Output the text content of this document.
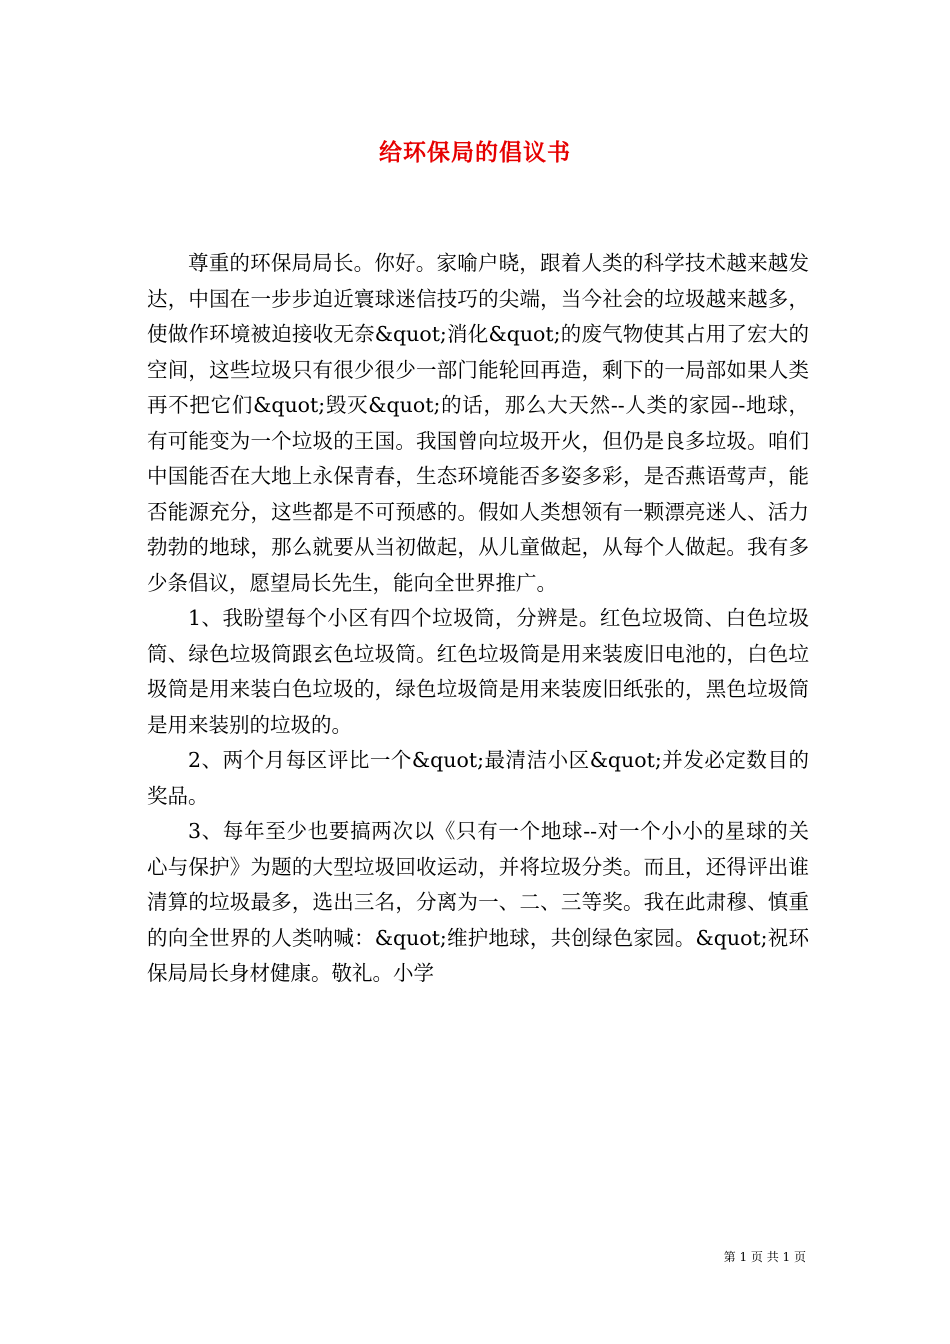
给环保局的倡议书

尊重的环保局局长。你好。家喻户晓，跟着人类的科学技术越来越发达，中国在一步步迫近寰球迷信技巧的尖端，当今社会的垃圾越来越多，使做作环境被迫接收无奈&quot;消化&quot;的废气物使其占用了宏大的空间，这些垃圾只有很少很少一部门能轮回再造，剩下的一局部如果人类再不把它们&quot;毁灭&quot;的话，那么大天然--人类的家园--地球，有可能变为一个垃圾的王国。我国曾向垃圾开火，但仍是良多垃圾。咱们中国能否在大地上永保青春，生态环境能否多姿多彩，是否燕语莺声，能否能源充分，这些都是不可预感的。假如人类想领有一颗漂亮迷人、活力勃勃的地球，那么就要从当初做起，从儿童做起，从每个人做起。我有多少条倡议，愿望局长先生，能向全世界推广。

1、我盼望每个小区有四个垃圾筒，分辨是。红色垃圾筒、白色垃圾筒、绿色垃圾筒跟玄色垃圾筒。红色垃圾筒是用来装废旧电池的，白色垃圾筒是用来装白色垃圾的，绿色垃圾筒是用来装废旧纸张的，黑色垃圾筒是用来装别的垃圾的。

2、两个月每区评比一个&quot;最清洁小区&quot;并发必定数目的奖品。

3、每年至少也要搞两次以《只有一个地球--对一个小小的星球的关心与保护》为题的大型垃圾回收运动，并将垃圾分类。而且，还得评出谁清算的垃圾最多，选出三名，分离为一、二、三等奖。我在此肃穆、慎重的向全世界的人类呐喊：&quot;维护地球，共创绿色家园。&quot;祝环保局局长身材健康。敬礼。小学

第 1 页 共 1 页
